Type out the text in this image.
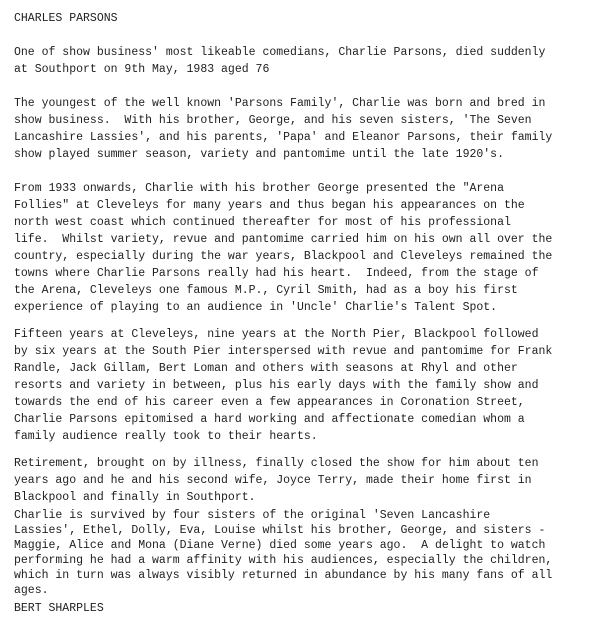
CHARLES PARSONS

One of show business' most likeable comedians, Charlie Parsons, died suddenly

at Southport on 9th May, 1983 aged 76

The youngest of the well known 'Parsons Family', Charlie was born and bred in

show business.  With his brother, George, and his seven sisters, 'The Seven

Lancashire Lassies', and his parents, 'Papa' and Eleanor Parsons, their family

show played summer season, variety and pantomime until the late 1920's.

From 1933 onwards, Charlie with his brother George presented the "Arena

Follies" at Cleveleys for many years and thus began his appearances on the

north west coast which continued thereafter for most of his professional

life.  Whilst variety, revue and pantomime carried him on his own all over the

country, especially during the war years, Blackpool and Cleveleys remained the

towns where Charlie Parsons really had his heart.  Indeed, from the stage of

the Arena, Cleveleys one famous M.P., Cyril Smith, had as a boy his first

experience of playing to an audience in 'Uncle' Charlie's Talent Spot.

Fifteen years at Cleveleys, nine years at the North Pier, Blackpool followed

by six years at the South Pier interspersed with revue and pantomime for Frank

Randle, Jack Gillam, Bert Loman and others with seasons at Rhyl and other

resorts and variety in between, plus his early days with the family show and

towards the end of his career even a few appearances in Coronation Street,

Charlie Parsons epitomised a hard working and affectionate comedian whom a

family audience really took to their hearts.

Retirement, brought on by illness, finally closed the show for him about ten

years ago and he and his second wife, Joyce Terry, made their home first in

Blackpool and finally in Southport.

Charlie is survived by four sisters of the original 'Seven Lancashire

Lassies', Ethel, Dolly, Eva, Louise whilst his brother, George, and sisters -

Maggie, Alice and Mona (Diane Verne) died some years ago.  A delight to watch

performing he had a warm affinity with his audiences, especially the children,

which in turn was always visibly returned in abundance by his many fans of all

ages.

BERT SHARPLES
